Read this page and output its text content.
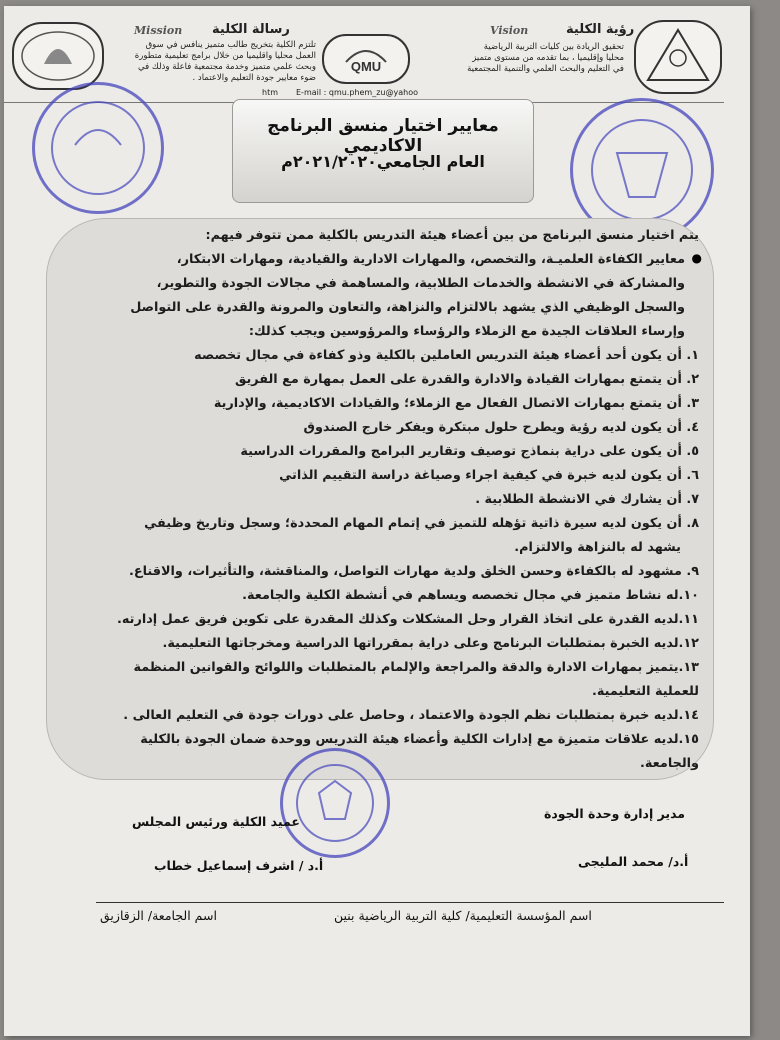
رسالة الكلية
Mission
تلتزم الكلية بتخريج طالب متميز ينافس في سوق
العمل محليا واقليميا من خلال برامج تعليمية متطورة
وبحث علمي متميز وخدمة مجتمعية فاعلة وذلك في
ضوء معايير جودة التعليم والاعتماد .
QMU
رؤية الكلية
Vision
تحقيق الريادة بين كليات التربية الرياضية
محليا وإقليميا ، بما تقدمه من مستوى متميز
في التعليم والبحث العلمي والتنمية المجتمعية
htm E-mail : qmu.phem_zu@yahoo
معايير اختيار منسق البرنامج الاكاديمي
العام الجامعي٢٠٢١/٢٠٢٠م
يتم اختيار منسق البرنامج من بين أعضاء هيئة التدريس بالكلية ممن تتوفر فيهم:
معايير الكفاءة العلميـة، والتخصص، والمهارات الادارية والقيادية، ومهارات الابتكار، ●
والمشاركة في الانشطة والخدمات الطلابية، والمساهمة في مجالات الجودة والتطوير،
والسجل الوظيفي الذي يشهد بالالتزام والنزاهة، والتعاون والمرونة والقدرة على التواصل
وإرساء العلاقات الجيدة مع الزملاء والرؤساء والمرؤوسين ويجب كذلك:
١. أن يكون أحد أعضاء هيئة التدريس العاملين بالكلية وذو كفاءة في مجال تخصصه
٢. أن يتمتع بمهارات القيادة والادارة والقدرة على العمل بمهارة مع الفريق
٣. أن يتمتع بمهارات الاتصال الفعال مع الزملاء؛ والقيادات الاكاديمية، والإدارية
٤. أن يكون لديه رؤية ويطرح حلول مبتكرة ويفكر خارج الصندوق
٥. أن يكون على دراية بنماذج توصيف وتقارير البرامج والمقررات الدراسية
٦. أن يكون لديه خبرة في كيفية اجراء وصياغة دراسة التقييم الذاتي
٧. أن يشارك في الانشطة الطلابية .
٨. أن يكون لديه سيرة ذاتية تؤهله للتميز في إتمام المهام المحددة؛ وسجل وتاريخ وظيفي
يشهد له بالنزاهة والالتزام.
٩. مشهود له بالكفاءة وحسن الخلق ولدية مهارات التواصل، والمناقشة، والتأثيرات، والاقناع.
١٠.له نشاط متميز في مجال تخصصه ويساهم في أنشطة الكلية والجامعة.
١١.لديه القدرة على اتخاذ القرار وحل المشكلات وكذلك المقدرة على تكوين فريق عمل إدارته.
١٢.لديه الخبرة بمتطلبات البرنامج وعلى دراية بمقرراتها الدراسية ومخرجاتها التعليمية.
١٣.يتميز بمهارات الادارة والدقة والمراجعة والإلمام بالمتطلبات واللوائح والقوانين المنظمة
للعملية التعليمية.
١٤.لديه خبرة بمتطلبات نظم الجودة والاعتماد ، وحاصل على دورات جودة في التعليم العالى .
١٥.لديه علاقات متميزة مع إدارات الكلية وأعضاء هيئة التدريس ووحدة ضمان الجودة بالكلية
والجامعة.
مدير إدارة وحدة الجودة
أ.د/ محمد المليجى
عميد الكلية ورئيس المجلس
أ.د / اشرف إسماعيل خطاب
اسم المؤسسة التعليمية/ كلية التربية الرياضية بنين
اسم الجامعة/ الزقازيق
